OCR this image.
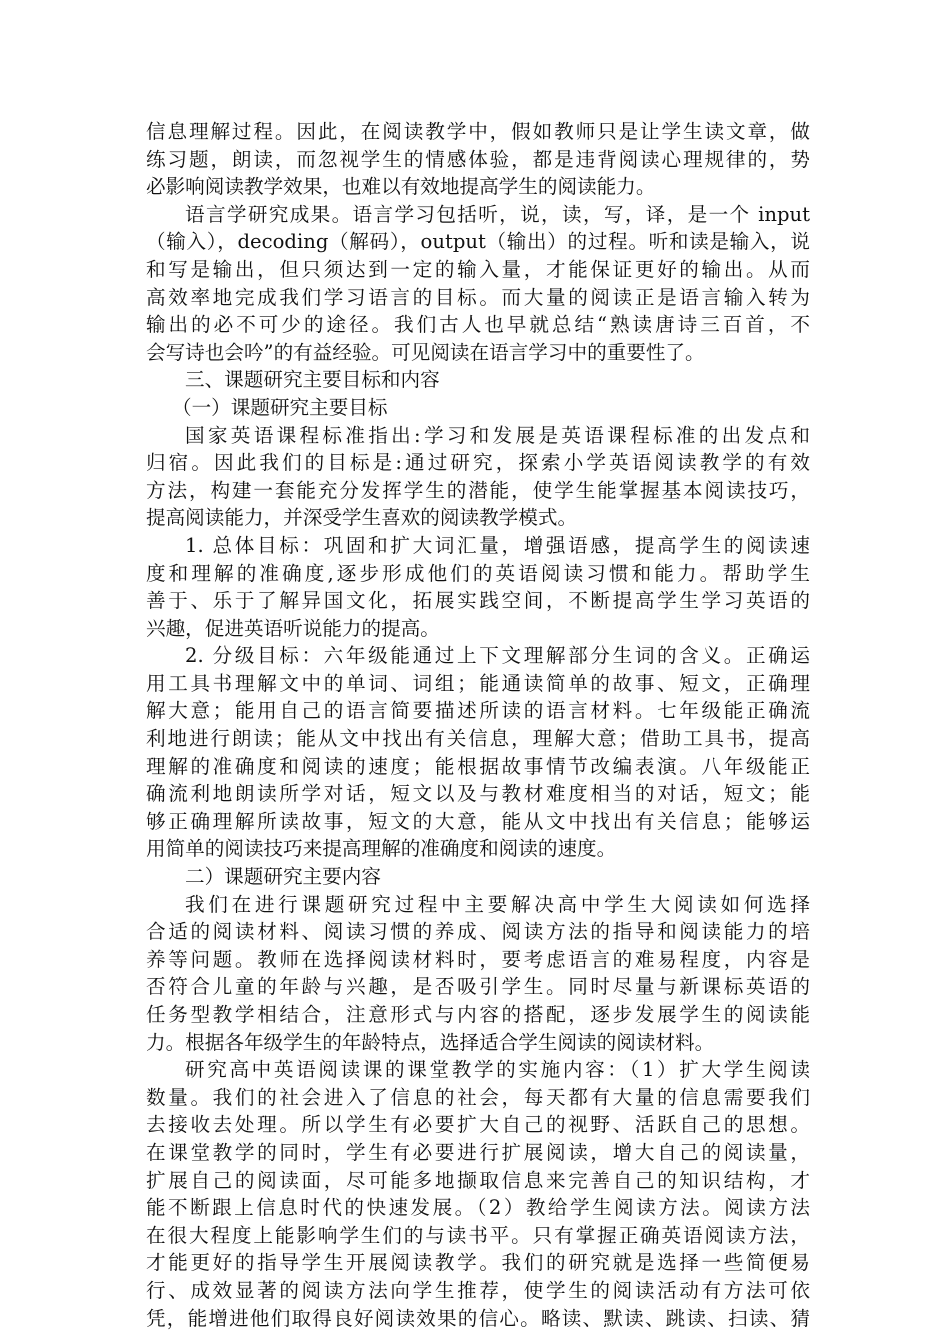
信息理解过程。因此，在阅读教学中，假如教师只是让学生读文章，做
练习题，朗读，而忽视学生的情感体验，都是违背阅读心理规律的，势
必影响阅读教学效果，也难以有效地提高学生的阅读能力。
语言学研究成果。语言学习包括听，说，读，写，译，是一个 input
（输入），decoding（解码），output（输出）的过程。听和读是输入，说
和写是输出，但只须达到一定的输入量，才能保证更好的输出。从而
高效率地完成我们学习语言的目标。而大量的阅读正是语言输入转为
输出的必不可少的途径。我们古人也早就总结“熟读唐诗三百首，不
会写诗也会吟”的有益经验。可见阅读在语言学习中的重要性了。
三、课题研究主要目标和内容
（一）课题研究主要目标
国家英语课程标准指出:学习和发展是英语课程标准的出发点和
归宿。因此我们的目标是:通过研究，探索小学英语阅读教学的有效
方法，构建一套能充分发挥学生的潜能，使学生能掌握基本阅读技巧，
提高阅读能力，并深受学生喜欢的阅读教学模式。
1. 总体目标：巩固和扩大词汇量，增强语感，提高学生的阅读速
度和理解的准确度,逐步形成他们的英语阅读习惯和能力。帮助学生
善于、乐于了解异国文化，拓展实践空间，不断提高学生学习英语的
兴趣，促进英语听说能力的提高。
2. 分级目标：六年级能通过上下文理解部分生词的含义。正确运
用工具书理解文中的单词、词组；能通读简单的故事、短文，正确理
解大意；能用自己的语言简要描述所读的语言材料。七年级能正确流
利地进行朗读；能从文中找出有关信息，理解大意；借助工具书，提高
理解的准确度和阅读的速度；能根据故事情节改编表演。八年级能正
确流利地朗读所学对话，短文以及与教材难度相当的对话，短文；能
够正确理解所读故事，短文的大意，能从文中找出有关信息；能够运
用简单的阅读技巧来提高理解的准确度和阅读的速度。
二）课题研究主要内容
我们在进行课题研究过程中主要解决高中学生大阅读如何选择
合适的阅读材料、阅读习惯的养成、阅读方法的指导和阅读能力的培
养等问题。教师在选择阅读材料时，要考虑语言的难易程度，内容是
否符合儿童的年龄与兴趣，是否吸引学生。同时尽量与新课标英语的
任务型教学相结合，注意形式与内容的搭配，逐步发展学生的阅读能
力。根据各年级学生的年龄特点，选择适合学生阅读的阅读材料。
研究高中英语阅读课的课堂教学的实施内容：（1）扩大学生阅读
数量。我们的社会进入了信息的社会，每天都有大量的信息需要我们
去接收去处理。所以学生有必要扩大自己的视野、活跃自己的思想。
在课堂教学的同时，学生有必要进行扩展阅读，增大自己的阅读量，
扩展自己的阅读面，尽可能多地撷取信息来完善自己的知识结构，才
能不断跟上信息时代的快速发展。（2）教给学生阅读方法。阅读方法
在很大程度上能影响学生们的与读书平。只有掌握正确英语阅读方法，
才能更好的指导学生开展阅读教学。我们的研究就是选择一些简便易
行、成效显著的阅读方法向学生推荐，使学生的阅读活动有方法可依
凭，能增进他们取得良好阅读效果的信心。略读、默读、跳读、扫读、猜
